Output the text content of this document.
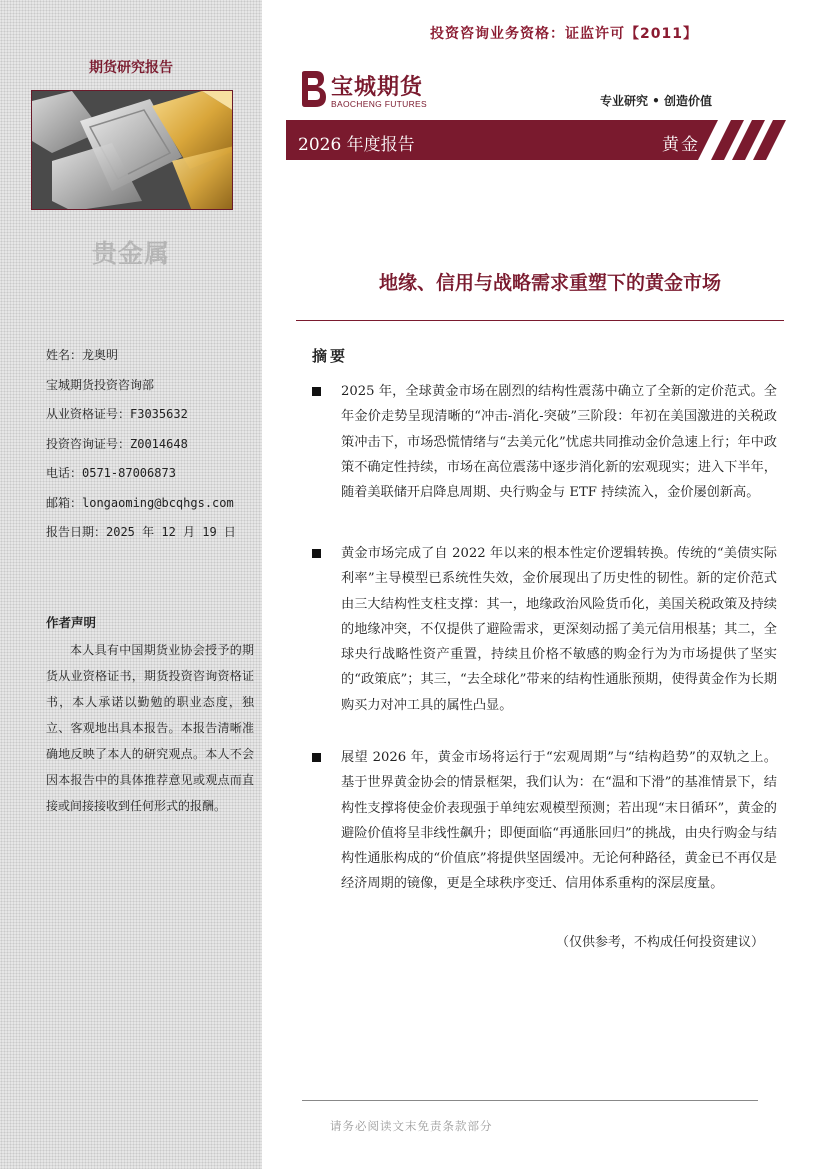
期货研究报告
贵金属
姓名：龙奥明
宝城期货投资咨询部
从业资格证号：F3035632
投资咨询证号：Z0014648
电话：0571-87006873
邮箱：longaoming@bcqhgs.com
报告日期：2025 年 12 月 19 日
作者声明
本人具有中国期货业协会授予的期货从业资格证书，期货投资咨询资格证书，本人承诺以勤勉的职业态度，独立、客观地出具本报告。本报告清晰准确地反映了本人的研究观点。本人不会因本报告中的具体推荐意见或观点而直接或间接接收到任何形式的报酬。
投资咨询业务资格：证监许可【2011】
宝城期货
BAOCHENG FUTURES	专业研究 • 创造价值
2026 年度报告	黄金
地缘、信用与战略需求重塑下的黄金市场
摘要
2025 年，全球黄金市场在剧烈的结构性震荡中确立了全新的定价范式。全年金价走势呈现清晰的“冲击-消化-突破”三阶段：年初在美国激进的关税政策冲击下，市场恐慌情绪与“去美元化”忧虑共同推动金价急速上行；年中政策不确定性持续，市场在高位震荡中逐步消化新的宏观现实；进入下半年，随着美联储开启降息周期、央行购金与 ETF 持续流入，金价屡创新高。
黄金市场完成了自 2022 年以来的根本性定价逻辑转换。传统的“美债实际利率”主导模型已系统性失效，金价展现出了历史性的韧性。新的定价范式由三大结构性支柱支撑：其一，地缘政治风险货币化，美国关税政策及持续的地缘冲突，不仅提供了避险需求，更深刻动摇了美元信用根基；其二，全球央行战略性资产重置，持续且价格不敏感的购金行为为市场提供了坚实的“政策底”；其三，“去全球化”带来的结构性通胀预期，使得黄金作为长期购买力对冲工具的属性凸显。
展望 2026 年，黄金市场将运行于“宏观周期”与“结构趋势”的双轨之上。基于世界黄金协会的情景框架，我们认为：在“温和下滑”的基准情景下，结构性支撑将使金价表现强于单纯宏观模型预测；若出现“末日循环”，黄金的避险价值将呈非线性飙升；即便面临“再通胀回归”的挑战，由央行购金与结构性通胀构成的“价值底”将提供坚固缓冲。无论何种路径，黄金已不再仅是经济周期的镜像，更是全球秩序变迁、信用体系重构的深层度量。
（仅供参考，不构成任何投资建议）
请务必阅读文末免责条款部分
